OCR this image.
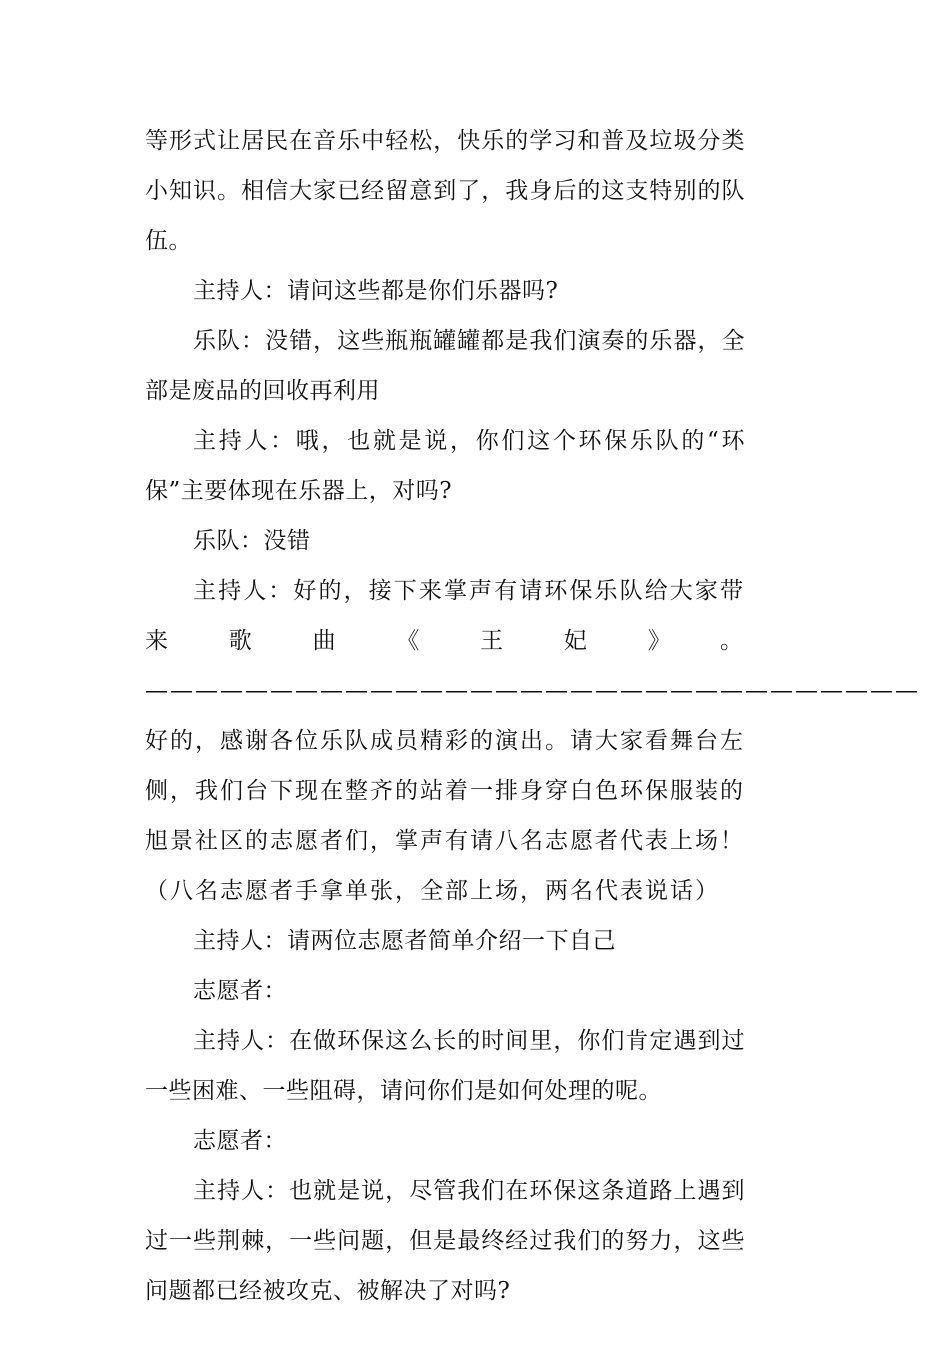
等形式让居民在音乐中轻松，快乐的学习和普及垃圾分类小知识。相信大家已经留意到了，我身后的这支特别的队伍。

主持人：请问这些都是你们乐器吗?

乐队：没错，这些瓶瓶罐罐都是我们演奏的乐器，全部是废品的回收再利用

主持人：哦，也就是说，你们这个环保乐队的“环保”主要体现在乐器上，对吗?

乐队：没错

主持人：好的，接下来掌声有请环保乐队给大家带来歌曲《王妃》。 ——————————————————————————————— 好的，感谢各位乐队成员精彩的演出。请大家看舞台左侧，我们台下现在整齐的站着一排身穿白色环保服装的旭景社区的志愿者们，掌声有请八名志愿者代表上场！（八名志愿者手拿单张，全部上场，两名代表说话）

主持人：请两位志愿者简单介绍一下自己

志愿者：

主持人：在做环保这么长的时间里，你们肯定遇到过一些困难、一些阻碍，请问你们是如何处理的呢。

志愿者：

主持人：也就是说，尽管我们在环保这条道路上遇到过一些荆棘，一些问题，但是最终经过我们的努力，这些问题都已经被攻克、被解决了对吗?
